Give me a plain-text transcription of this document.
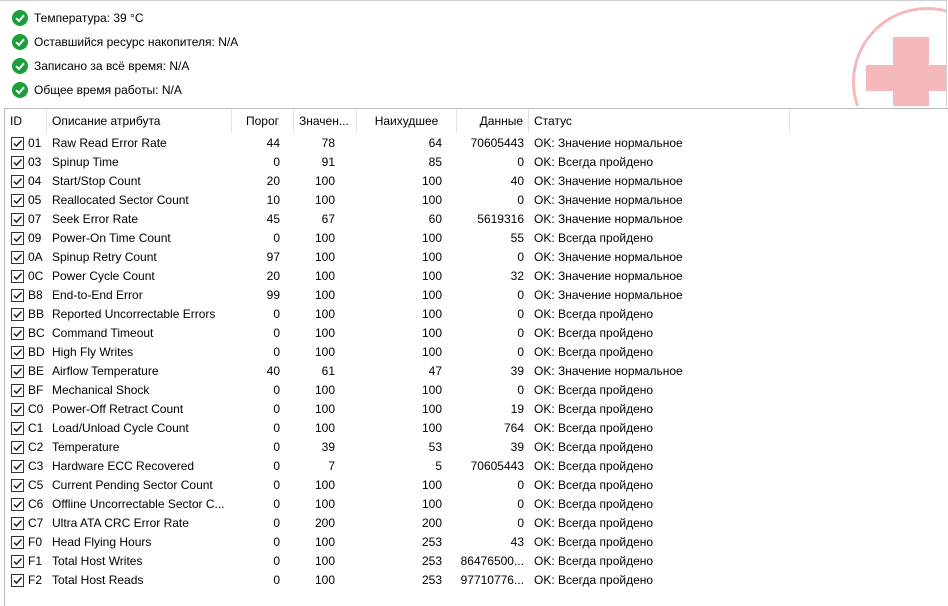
Температура: 39 °C
Оставшийся ресурс накопителя: N/A
Записано за всё время: N/A
Общее время работы: N/A
ID	Описание атрибута	Порог	Значен...	Наихудшее	Данные Статус
01 Raw Read Error Rate	44	78	64	70605443 OK: Значение нормальное
03 Spinup Time	0	91	85	0 OK: Всегда пройдено
04 Start/Stop Count	20	100	100	40 OK: Значение нормальное
05 Reallocated Sector Count	10	100	100	0 OK: Значение нормальное
07 Seek Error Rate	45	67	60	5619316 OK: Значение нормальное
09 Power-On Time Count	0	100	100	55 OK: Всегда пройдено
0A Spinup Retry Count	97	100	100	0 OK: Значение нормальное
0C Power Cycle Count	20	100	100	32 OK: Значение нормальное
B8 End-to-End Error	99	100	100	0 OK: Значение нормальное
BB Reported Uncorrectable Errors	0	100	100	0 OK: Всегда пройдено
BC Command Timeout	0	100	100	0 OK: Всегда пройдено
BD High Fly Writes	0	100	100	0 OK: Всегда пройдено
BE Airflow Temperature	40	61	47	39 OK: Значение нормальное
BF Mechanical Shock	0	100	100	0 OK: Всегда пройдено
C0 Power-Off Retract Count	0	100	100	19 OK: Всегда пройдено
C1 Load/Unload Cycle Count	0	100	100	764 OK: Всегда пройдено
C2 Temperature	0	39	53	39 OK: Всегда пройдено
C3 Hardware ECC Recovered	0	7	5	70605443 OK: Всегда пройдено
C5 Current Pending Sector Count	0	100	100	0 OK: Всегда пройдено
C6 Offline Uncorrectable Sector C...	0	100	100	0 OK: Всегда пройдено
C7 Ultra ATA CRC Error Rate	0	200	200	0 OK: Всегда пройдено
F0 Head Flying Hours	0	100	253	43 OK: Всегда пройдено
F1 Total Host Writes	0	100	253 86476500... OK: Всегда пройдено
F2 Total Host Reads	0	100	253 97710776... OK: Всегда пройдено
